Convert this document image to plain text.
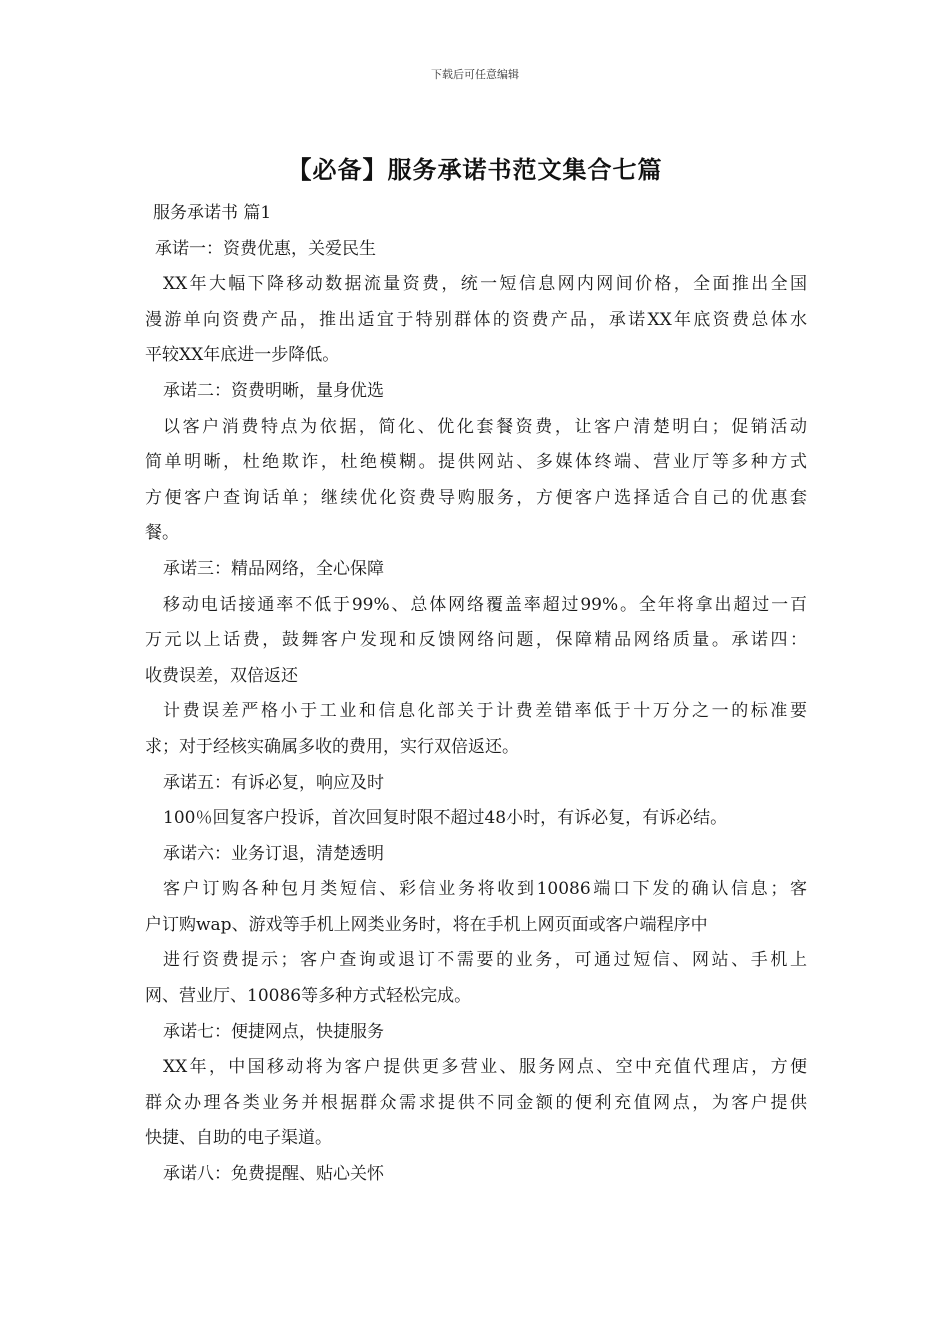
下载后可任意编辑
【必备】服务承诺书范文集合七篇
服务承诺书 篇1
承诺一：资费优惠，关爱民生
XX年大幅下降移动数据流量资费，统一短信息网内网间价格，全面推出全国
漫游单向资费产品，推出适宜于特别群体的资费产品，承诺XX年底资费总体水
平较XX年底进一步降低。
承诺二：资费明晰，量身优选
以客户消费特点为依据，简化、优化套餐资费，让客户清楚明白；促销活动
简单明晰，杜绝欺诈，杜绝模糊。提供网站、多媒体终端、营业厅等多种方式
方便客户查询话单；继续优化资费导购服务，方便客户选择适合自己的优惠套
餐。
承诺三：精品网络，全心保障
移动电话接通率不低于99%、总体网络覆盖率超过99%。全年将拿出超过一百
万元以上话费，鼓舞客户发现和反馈网络问题，保障精品网络质量。承诺四：
收费误差，双倍返还
计费误差严格小于工业和信息化部关于计费差错率低于十万分之一的标准要
求；对于经核实确属多收的费用，实行双倍返还。
承诺五：有诉必复，响应及时
100％回复客户投诉，首次回复时限不超过48小时，有诉必复，有诉必结。
承诺六：业务订退，清楚透明
客户订购各种包月类短信、彩信业务将收到10086端口下发的确认信息；客
户订购wap、游戏等手机上网类业务时，将在手机上网页面或客户端程序中
进行资费提示；客户查询或退订不需要的业务，可通过短信、网站、手机上
网、营业厅、10086等多种方式轻松完成。
承诺七：便捷网点，快捷服务
XX年，中国移动将为客户提供更多营业、服务网点、空中充值代理店，方便
群众办理各类业务并根据群众需求提供不同金额的便利充值网点，为客户提供
快捷、自助的电子渠道。
承诺八：免费提醒、贴心关怀
